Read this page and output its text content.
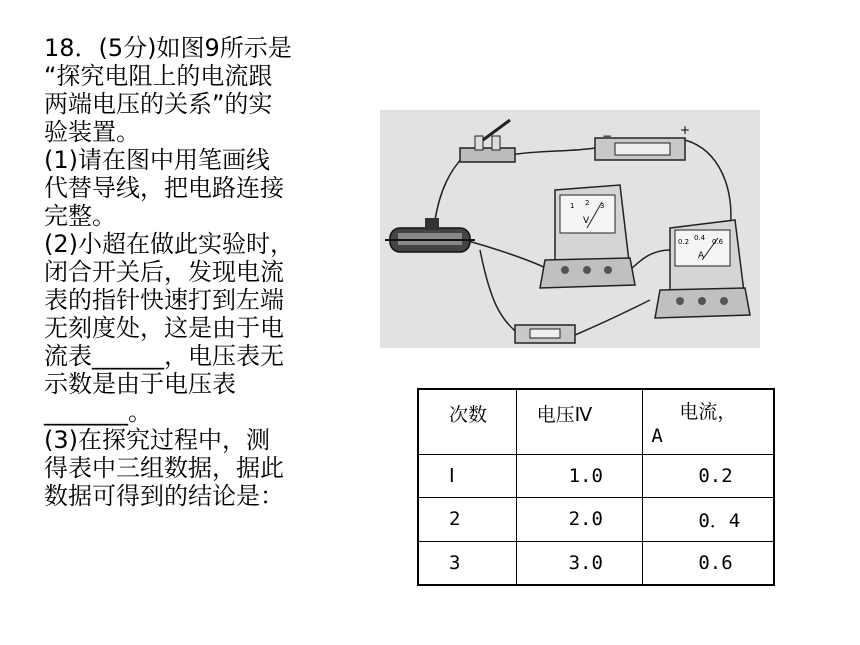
18．(5分)如图9所示是
“探究电阻上的电流跟
两端电压的关系”的实
验装置。
(1)请在图中用笔画线
代替导线，把电路连接
完整。
(2)小超在做此实验时，
闭合开关后，发现电流
表的指针快速打到左端
无刻度处，这是由于电
流表______，电压表无
示数是由于电压表
_______。
(3)在探究过程中，测
得表中三组数据，据此
数据可得到的结论是：
−	+
1 2 3
V
0.2 0.4 0.6
A
次数	电压Ⅳ	电流，
A

Ⅰ	1.0	0.2
2	2.0	0．4
3	3.0	0.6
